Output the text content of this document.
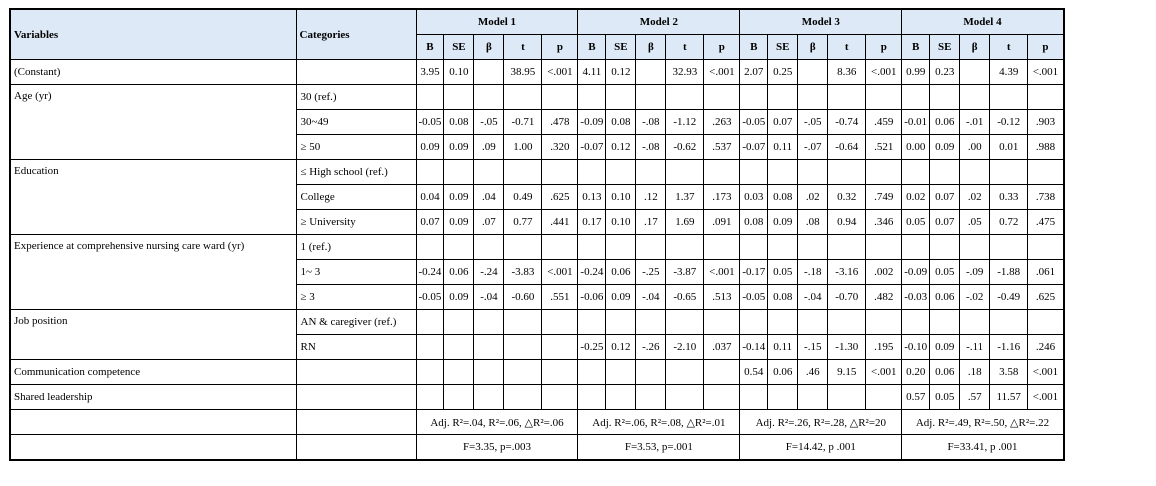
Variables	Categories	Model 1					Model 2					Model 3					Model 4				
		B	SE	β	t	p	B	SE	β	t	p	B	SE	β	t	p	B	SE	β	t	p
(Constant)		3.95	0.10		38.95	<.001	4.11	0.12		32.93	<.001	2.07	0.25		8.36	<.001	0.99	0.23		4.39	<.001
Age (yr)	30 (ref.)																				
	30~49	-0.05	0.08	-.05	-0.71	.478	-0.09	0.08	-.08	-1.12	.263	-0.05	0.07	-.05	-0.74	.459	-0.01	0.06	-.01	-0.12	.903
	≥ 50	0.09	0.09	.09	1.00	.320	-0.07	0.12	-.08	-0.62	.537	-0.07	0.11	-.07	-0.64	.521	0.00	0.09	.00	0.01	.988
Education	≤ High school (ref.)																				
	College	0.04	0.09	.04	0.49	.625	0.13	0.10	.12	1.37	.173	0.03	0.08	.02	0.32	.749	0.02	0.07	.02	0.33	.738
	≥ University	0.07	0.09	.07	0.77	.441	0.17	0.10	.17	1.69	.091	0.08	0.09	.08	0.94	.346	0.05	0.07	.05	0.72	.475
Experience at comprehensive nursing care ward (yr)	1 (ref.)																				
	1~ 3	-0.24	0.06	-.24	-3.83	<.001	-0.24	0.06	-.25	-3.87	<.001	-0.17	0.05	-.18	-3.16	.002	-0.09	0.05	-.09	-1.88	.061
	≥ 3	-0.05	0.09	-.04	-0.60	.551	-0.06	0.09	-.04	-0.65	.513	-0.05	0.08	-.04	-0.70	.482	-0.03	0.06	-.02	-0.49	.625
Job position	AN & caregiver (ref.)																				
	RN						-0.25	0.12	-.26	-2.10	.037	-0.14	0.11	-.15	-1.30	.195	-0.10	0.09	-.11	-1.16	.246
Communication competence												0.54	0.06	.46	9.15	<.001	0.20	0.06	.18	3.58	<.001
Shared leadership																	0.57	0.05	.57	11.57	<.001
		Adj. R²=.04, R²=.06, △R²=.06					Adj. R²=.06, R²=.08, △R²=.01					Adj. R²=.26, R²=.28, △R²=20					Adj. R²=.49, R²=.50, △R²=.22				
		F=3.35, p=.003					F=3.53, p=.001					F=14.42, p .001					F=33.41, p .001				
